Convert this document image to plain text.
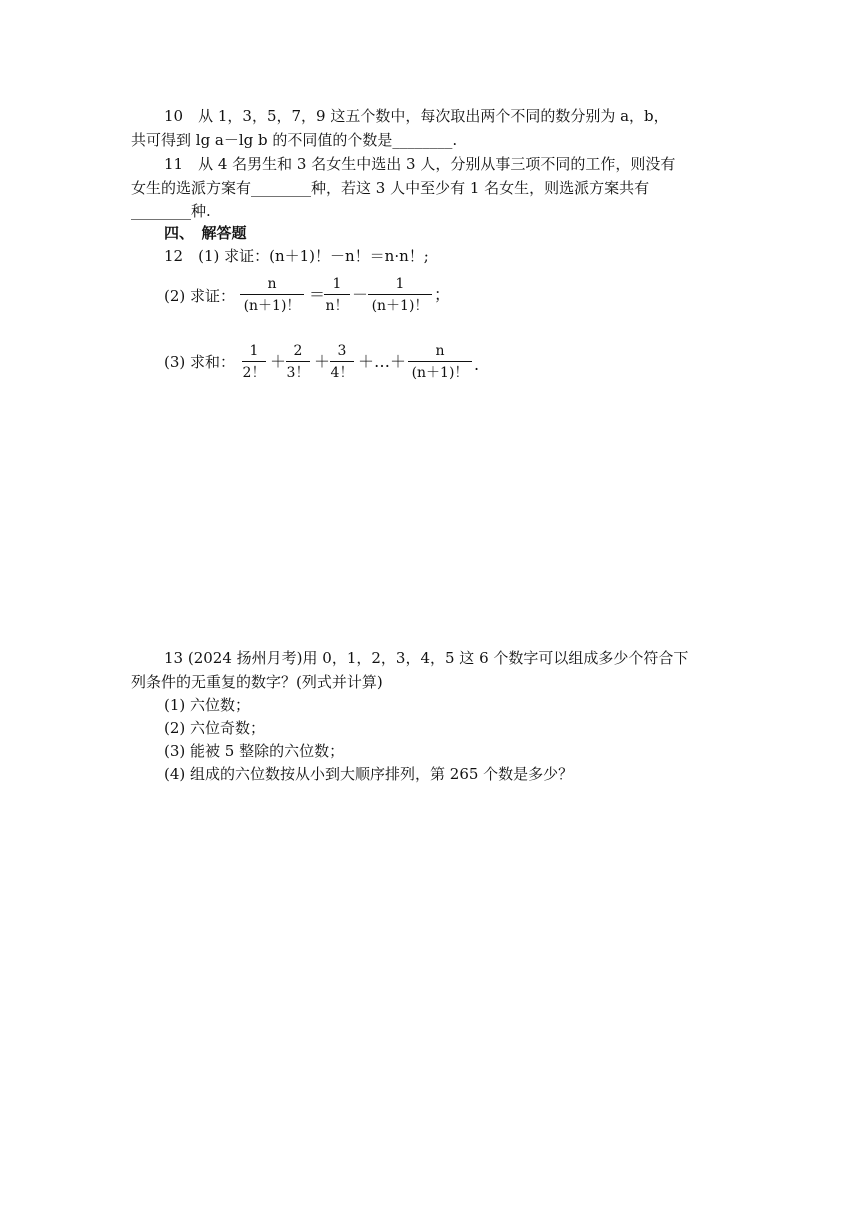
10　从 1，3，5，7，9 这五个数中，每次取出两个不同的数分别为 a，b，
共可得到 lg a－lg b 的不同值的个数是________.
11　从 4 名男生和 3 名女生中选出 3 人，分别从事三项不同的工作，则没有
女生的选派方案有________种，若这 3 人中至少有 1 名女生，则选派方案共有
________种.
四、　解答题
12　(1) 求证：(n＋1)！－n！＝n·n！;
(2) 求证： $\frac{n}{(n+1)!}$ ＝
$\frac{1}{n!} - \frac{1}{(n+1)!}$ ；
(3) 求和： $\frac{1}{2!} + \frac{2}{3!} + \frac{3}{4!}$ ＋…＋ $\frac{n}{(n+1)!}$ .
13 (2024 扬州月考)用 0，1，2，3，4，5 这 6 个数字可以组成多少个符合下
列条件的无重复的数字？(列式并计算)
(1) 六位数；
(2) 六位奇数；
(3) 能被 5 整除的六位数；
(4) 组成的六位数按从小到大顺序排列，第 265 个数是多少？
